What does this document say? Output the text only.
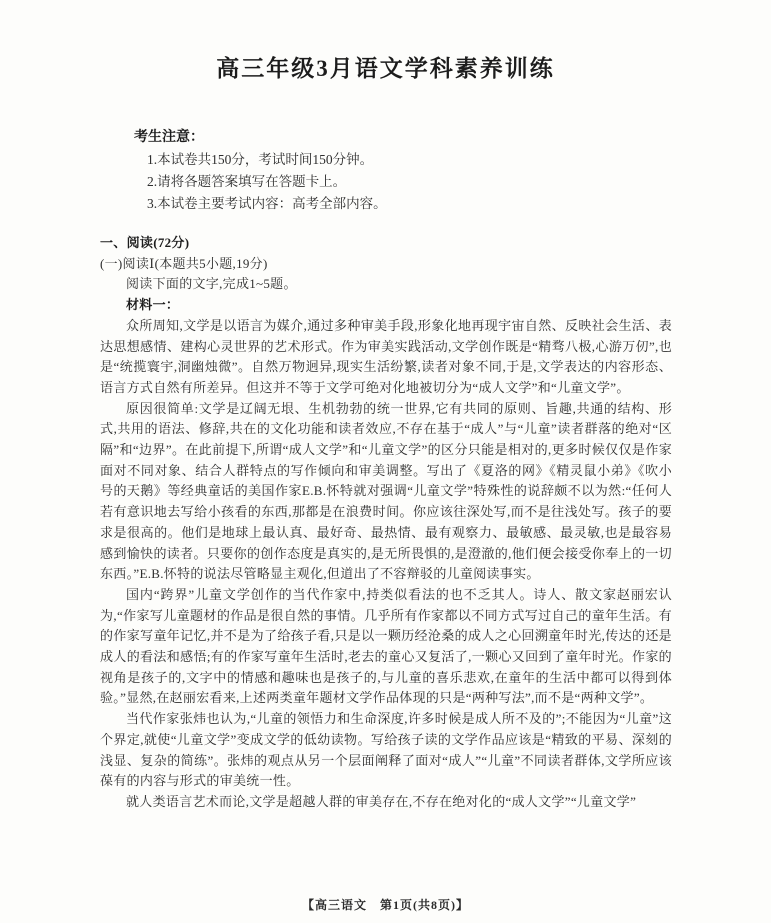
高三年级3月语文学科素养训练
考生注意：
1.本试卷共150分，考试时间150分钟。
2.请将各题答案填写在答题卡上。
3.本试卷主要考试内容：高考全部内容。
一、阅读(72分)
(一)阅读Ⅰ(本题共5小题,19分)
阅读下面的文字,完成1~5题。
材料一：

众所周知,文学是以语言为媒介,通过多种审美手段,形象化地再现宇宙自然、反映社会生活、表达思想感情、建构心灵世界的艺术形式。作为审美实践活动,文学创作既是“精骛八极,心游万仞”,也是“统揽寰宇,洞幽烛微”。自然万物迥异,现实生活纷繁,读者对象不同,于是,文学表达的内容形态、语言方式自然有所差异。但这并不等于文学可绝对化地被切分为“成人文学”和“儿童文学”。

原因很简单:文学是辽阔无垠、生机勃勃的统一世界,它有共同的原则、旨趣,共通的结构、形式,共用的语法、修辞,共在的文化功能和读者效应,不存在基于“成人”与“儿童”读者群落的绝对“区隔”和“边界”。在此前提下,所谓“成人文学”和“儿童文学”的区分只能是相对的,更多时候仅仅是作家面对不同对象、结合人群特点的写作倾向和审美调整。写出了《夏洛的网》《精灵鼠小弟》《吹小号的天鹅》等经典童话的美国作家E.B.怀特就对强调“儿童文学”特殊性的说辞颇不以为然:“任何人若有意识地去写给小孩看的东西,那都是在浪费时间。你应该往深处写,而不是往浅处写。孩子的要求是很高的。他们是地球上最认真、最好奇、最热情、最有观察力、最敏感、最灵敏,也是最容易感到愉快的读者。只要你的创作态度是真实的,是无所畏惧的,是澄澈的,他们便会接受你奉上的一切东西。”E.B.怀特的说法尽管略显主观化,但道出了不容辩驳的儿童阅读事实。

国内“跨界”儿童文学创作的当代作家中,持类似看法的也不乏其人。诗人、散文家赵丽宏认为,“作家写儿童题材的作品是很自然的事情。几乎所有作家都以不同方式写过自己的童年生活。有的作家写童年记忆,并不是为了给孩子看,只是以一颗历经沧桑的成人之心回溯童年时光,传达的还是成人的看法和感悟;有的作家写童年生活时,老去的童心又复活了,一颗心又回到了童年时光。作家的视角是孩子的,文字中的情感和趣味也是孩子的,与儿童的喜乐悲欢,在童年的生活中都可以得到体验。”显然,在赵丽宏看来,上述两类童年题材文学作品体现的只是“两种写法”,而不是“两种文学”。

当代作家张炜也认为,“儿童的领悟力和生命深度,许多时候是成人所不及的”;不能因为“儿童”这个界定,就使“儿童文学”变成文学的低幼读物。写给孩子读的文学作品应该是“精致的平易、深刻的浅显、复杂的简练”。张炜的观点从另一个层面阐释了面对“成人”“儿童”不同读者群体,文学所应该葆有的内容与形式的审美统一性。

就人类语言艺术而论,文学是超越人群的审美存在,不存在绝对化的“成人文学”“儿童文学”

【高三语文　第1页(共8页)】
